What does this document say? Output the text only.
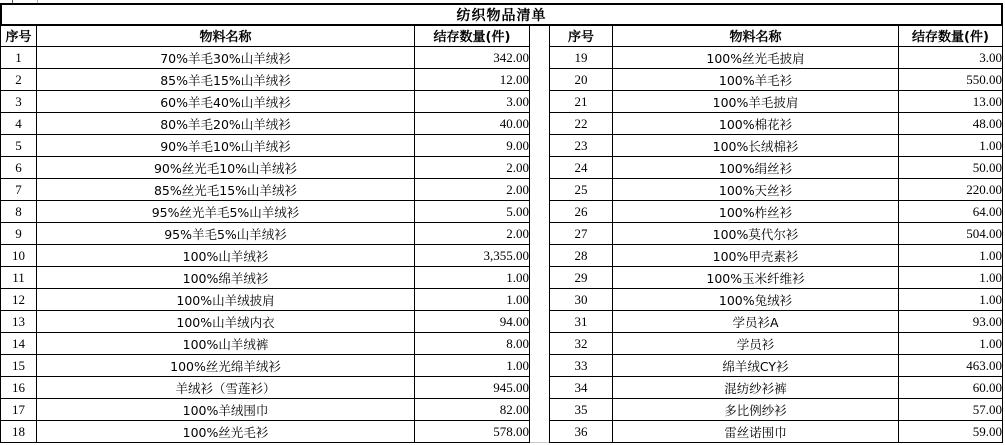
纺织物品清单
序号	物料名称	结存数量(件)
1	70%羊毛30%山羊绒衫	342.00
2	85%羊毛15%山羊绒衫	12.00
3	60%羊毛40%山羊绒衫	3.00
4	80%羊毛20%山羊绒衫	40.00
5	90%羊毛10%山羊绒衫	9.00
6	90%丝光毛10%山羊绒衫	2.00
7	85%丝光毛15%山羊绒衫	2.00
8	95%丝光羊毛5%山羊绒衫	5.00
9	95%羊毛5%山羊绒衫	2.00
10	100%山羊绒衫	3,355.00
11	100%绵羊绒衫	1.00
12	100%山羊绒披肩	1.00
13	100%山羊绒内衣	94.00
14	100%山羊绒裤	8.00
15	100%丝光绵羊绒衫	1.00
16	羊绒衫（雪莲衫）	945.00
17	100%羊绒围巾	82.00
18	100%丝光毛衫	578.00
序号	物料名称	结存数量(件)
19	100%丝光毛披肩	3.00
20	100%羊毛衫	550.00
21	100%羊毛披肩	13.00
22	100%棉花衫	48.00
23	100%长绒棉衫	1.00
24	100%绢丝衫	50.00
25	100%天丝衫	220.00
26	100%柞丝衫	64.00
27	100%莫代尔衫	504.00
28	100%甲壳素衫	1.00
29	100%玉米纤维衫	1.00
30	100%兔绒衫	1.00
31	学员衫A	93.00
32	学员衫	1.00
33	绵羊绒CY衫	463.00
34	混纺纱衫裤	60.00
35	多比例纱衫	57.00
36	雷丝诺围巾	59.00
